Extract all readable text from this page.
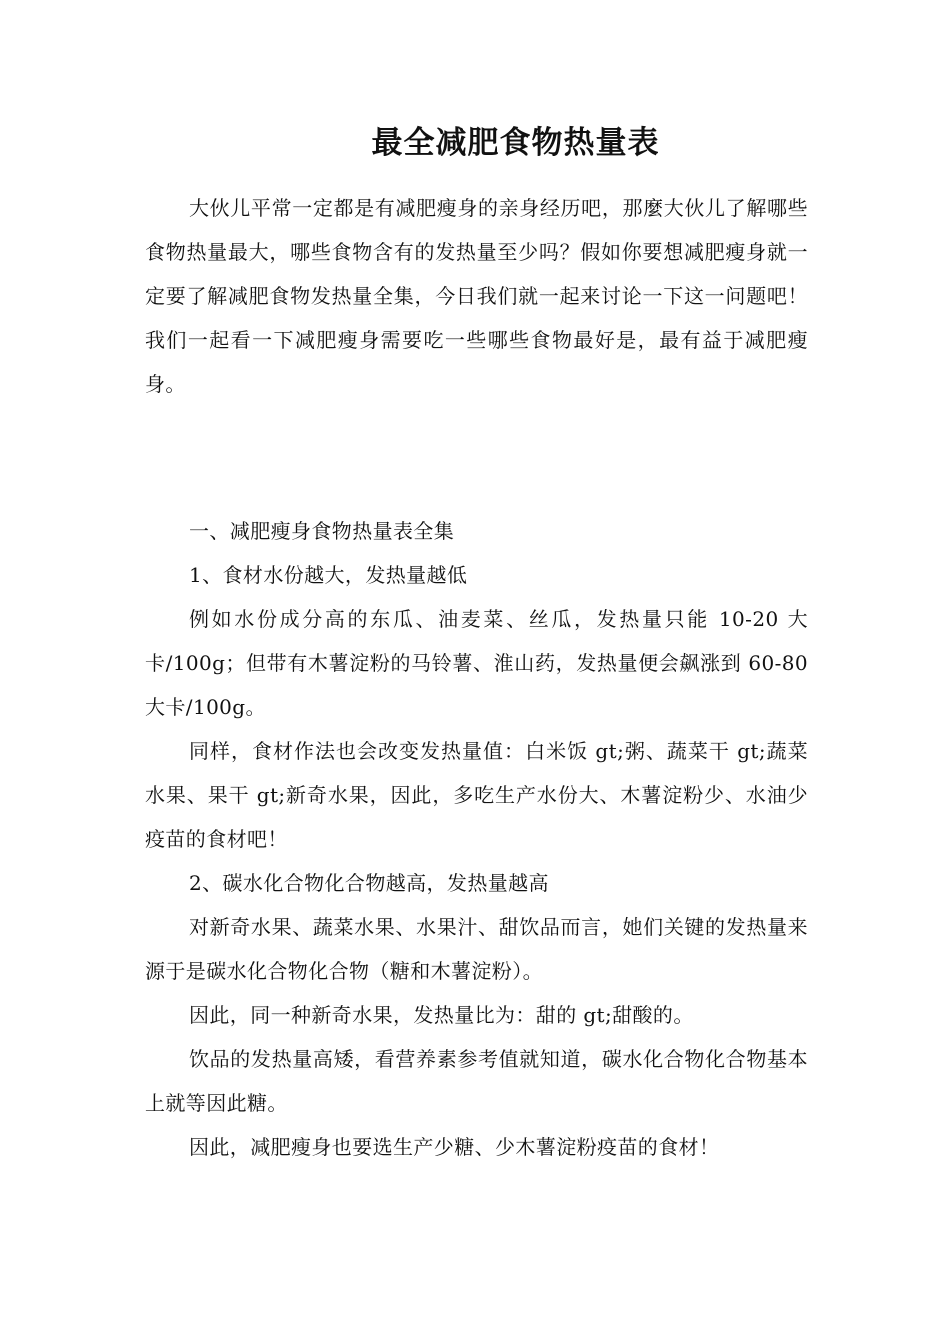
最全减肥食物热量表

大伙儿平常一定都是有减肥瘦身的亲身经历吧，那麼大伙儿了解哪些食物热量最大，哪些食物含有的发热量至少吗？假如你要想减肥瘦身就一定要了解减肥食物发热量全集，今日我们就一起来讨论一下这一问题吧！我们一起看一下减肥瘦身需要吃一些哪些食物最好是，最有益于减肥瘦身。

一、减肥瘦身食物热量表全集

1、食材水份越大，发热量越低

例如水份成分高的东瓜、油麦菜、丝瓜，发热量只能 10-20 大卡/100g；但带有木薯淀粉的马铃薯、淮山药，发热量便会飙涨到 60-80 大卡/100g。

同样，食材作法也会改变发热量值：白米饭 gt;粥、蔬菜干 gt;蔬菜水果、果干 gt;新奇水果，因此，多吃生产水份大、木薯淀粉少、水油少疫苗的食材吧！

2、碳水化合物化合物越高，发热量越高

对新奇水果、蔬菜水果、水果汁、甜饮品而言，她们关键的发热量来源于是碳水化合物化合物（糖和木薯淀粉）。

因此，同一种新奇水果，发热量比为：甜的 gt;甜酸的。

饮品的发热量高矮，看营养素参考值就知道，碳水化合物化合物基本上就等因此糖。

因此，减肥瘦身也要选生产少糖、少木薯淀粉疫苗的食材！
